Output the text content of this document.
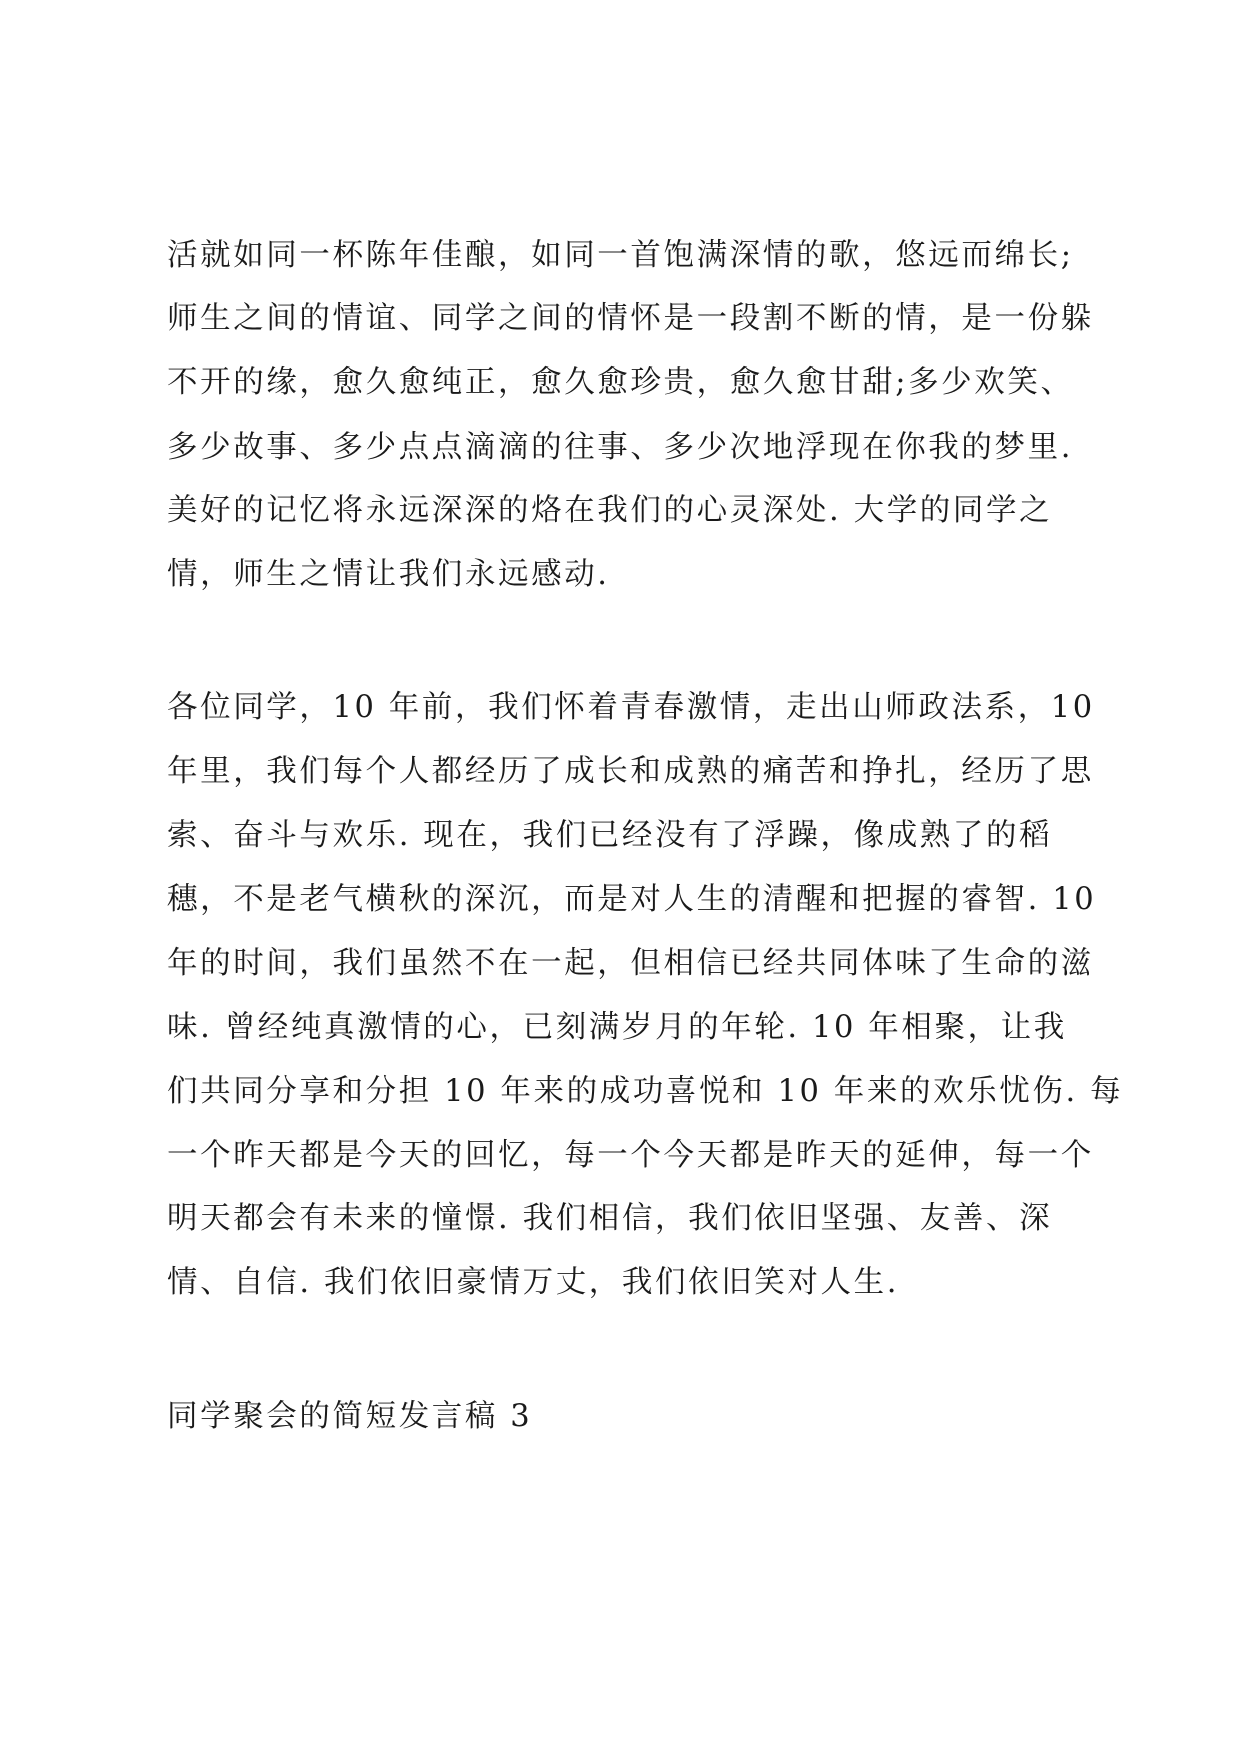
活就如同一杯陈年佳酿，如同一首饱满深情的歌，悠远而绵长;
师生之间的情谊、同学之间的情怀是一段割不断的情，是一份躲
不开的缘，愈久愈纯正，愈久愈珍贵，愈久愈甘甜;多少欢笑、
多少故事、多少点点滴滴的往事、多少次地浮现在你我的梦里.
美好的记忆将永远深深的烙在我们的心灵深处. 大学的同学之
情，师生之情让我们永远感动.
各位同学，10 年前，我们怀着青春激情，走出山师政法系，10
年里，我们每个人都经历了成长和成熟的痛苦和挣扎，经历了思
索、奋斗与欢乐. 现在，我们已经没有了浮躁，像成熟了的稻
穗，不是老气横秋的深沉，而是对人生的清醒和把握的睿智. 10
年的时间，我们虽然不在一起，但相信已经共同体味了生命的滋
味. 曾经纯真激情的心，已刻满岁月的年轮. 10 年相聚，让我
们共同分享和分担 10 年来的成功喜悦和 10 年来的欢乐忧伤. 每
一个昨天都是今天的回忆，每一个今天都是昨天的延伸，每一个
明天都会有未来的憧憬. 我们相信，我们依旧坚强、友善、深
情、自信. 我们依旧豪情万丈，我们依旧笑对人生.
同学聚会的简短发言稿 3
